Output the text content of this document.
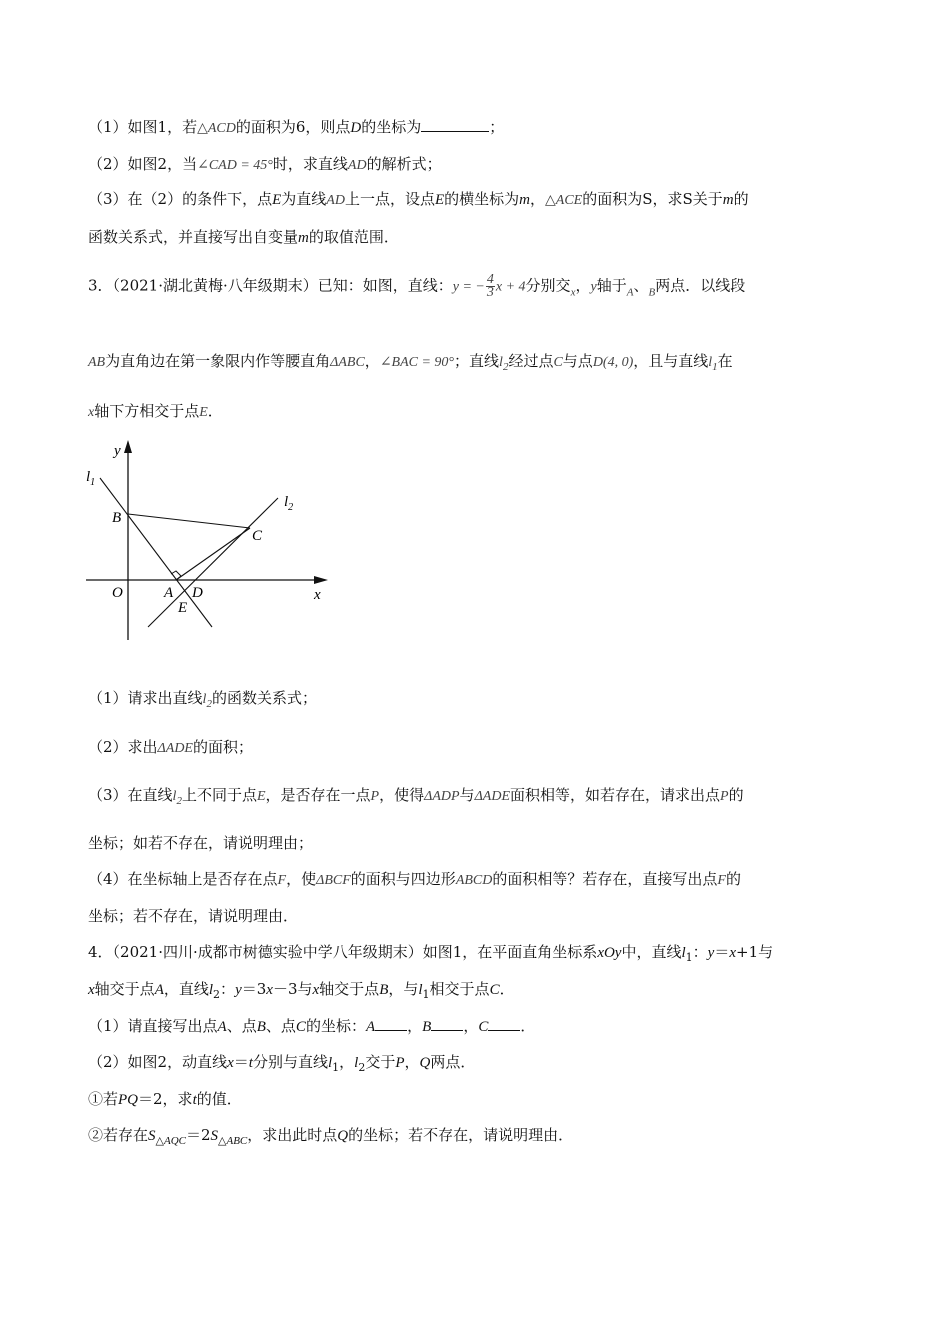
（1）如图1，若△ACD的面积为6，则点D的坐标为	；
（2）如图2，当∠CAD = 45°时，求直线AD的解析式；
（3）在（2）的条件下，点E为直线AD上一点，设点E的横坐标为m，△ACE的面积为S，求S关于m的
函数关系式，并直接写出自变量m的取值范围．
3．（2021·湖北黄梅·八年级期末）已知：如图，直线：y = − $\frac{4}{3}$ x + 4分别交$_x$，y轴于$_A$、$_B$两点．以线段
AB为直角边在第一象限内作等腰直角ΔABC，∠BAC = 90°；直线$l_2$经过点C与点D(4, 0)，且与直线$l_1$在
x轴下方相交于点E．
y
x
$l_1$
$l_2$
B
C
O	A D
E
（1）请求出直线$l_2$的函数关系式；
（2）求出ΔADE的面积；
（3）在直线$l_2$上不同于点E，是否存在一点P，使得ΔADP与ΔADE面积相等，如若存在，请求出点P的
坐标；如若不存在，请说明理由；
（4）在坐标轴上是否存在点F，使ΔBCF的面积与四边形ABCD的面积相等？若存在，直接写出点F的
坐标；若不存在，请说明理由．
4．（2021·四川·成都市树德实验中学八年级期末）如图1，在平面直角坐标系xOy中，直线$l_1$：y＝x+1与
x轴交于点A，直线$l_2$：y＝3x－3与x轴交于点B，与$l_1$相交于点C．
（1）请直接写出点A、点B、点C的坐标：A ，B ，C ．
（2）如图2，动直线x＝t分别与直线$l_1$，$l_2$交于P，Q两点．
①若PQ＝2，求t的值．
②若存在$S_{\triangle AQC}=2S_{\triangle ABC}$，求出此时点Q的坐标；若不存在，请说明理由．
